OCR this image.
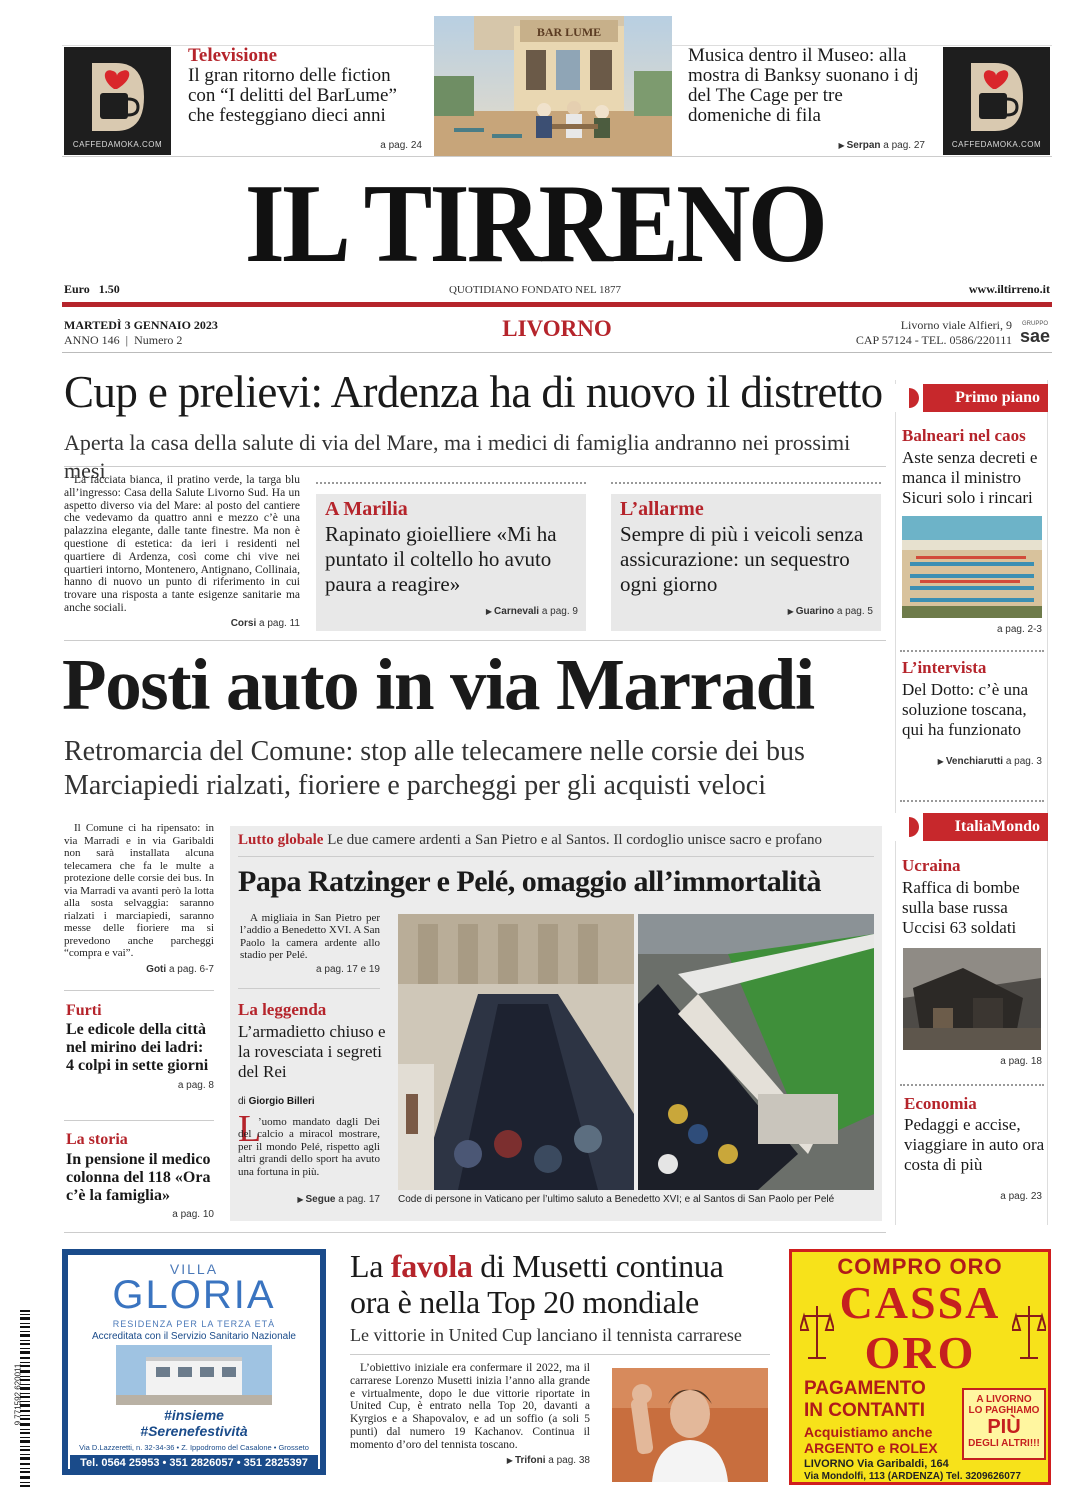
CAFFEDAMOKA.COM
Televisione
Il gran ritorno delle fiction con “I delitti del BarLume” che festeggiano dieci anni
a pag. 24
BAR LUME
Musica dentro il Museo: alla mostra di Banksy suonano i dj del The Cage per tre domeniche di fila
▶ Serpan a pag. 27	CAFFEDAMOKA.COM
IL TIRRENO
Euro 1.50	QUOTIDIANO FONDATO NEL 1877	www.iltirreno.it
MARTEDÌ 3 GENNAIO 2023
ANNO 146  |  Numero 2	LIVORNO	Livorno viale Alfieri, 9
CAP 57124 - TEL. 0586/220111
GRUPPO
sae
Cup e prelievi: Ardenza ha di nuovo il distretto
Aperta la casa della salute di via del Mare, ma i medici di famiglia andranno nei prossimi mesi
La facciata bianca, il pratino verde, la targa blu all’ingresso: Casa della Salute Livorno Sud. Ha un aspetto diverso via del Mare: al posto del cantiere che vedevamo da quattro anni e mezzo c’è una palazzina elegante, dalle tante finestre. Ma non è questione di estetica: da ieri i residenti nel quartiere di Ardenza, così come chi vive nei quartieri intorno, Montenero, Antignano, Collinaia, hanno di nuovo un punto di riferimento in cui trovare una risposta a tante esigenze sanitarie ma anche sociali.
Corsi a pag. 11
A Marilia
Rapinato gioielliere «Mi ha puntato il coltello ho avuto paura a reagire»
▶ Carnevali a pag. 9
L’allarme
Sempre di più i veicoli senza assicurazione: un sequestro ogni giorno
▶ Guarino a pag. 5
Posti auto in via Marradi
Retromarcia del Comune: stop alle telecamere nelle corsie dei bus
Marciapiedi rialzati, fioriere e parcheggi per gli acquisti veloci
Il Comune ci ha ripensato: in via Marradi e in via Garibaldi non sarà installata alcuna telecamera che fa le multe a protezione delle corsie dei bus. In via Marradi va avanti però la lotta alla sosta selvaggia: saranno rialzati i marciapiedi, saranno messe delle fioriere ma si prevedono anche parcheggi “compra e vai”.
Goti a pag. 6-7
Furti
Le edicole della città nel mirino dei ladri: 4 colpi in sette giorni
a pag. 8
La storia
In pensione il medico colonna del 118 «Ora c’è la famiglia»
a pag. 10
Lutto globale Le due camere ardenti a San Pietro e al Santos. Il cordoglio unisce sacro e profano
Papa Ratzinger e Pelé, omaggio all’immortalità
A migliaia in San Pietro per l’addio a Benedetto XVI. A San Paolo la camera ardente allo stadio per Pelé.
a pag. 17 e 19
La leggenda
L’armadietto chiuso e la rovesciata i segreti del Rei
di Giorgio Billeri
L
’uomo mandato dagli Dei del calcio a miracol mostrare, per il mondo Pelé, rispetto agli altri grandi dello sport ha avuto una fortuna in più.
▶ Segue a pag. 17 Code di persone in Vaticano per l’ultimo saluto a Benedetto XVI; e al Santos di San Paolo per Pelé
Primo piano
Balneari nel caos
Aste senza decreti e manca il ministro Sicuri solo i rincari
a pag. 2-3
L’intervista
Del Dotto: c’è una soluzione toscana, qui ha funzionato
▶ Venchiarutti a pag. 3
ItaliaMondo
Ucraina
Raffica di bombe sulla base russa Uccisi 63 soldati
a pag. 18
Economia
Pedaggi e accise, viaggiare in auto ora costa di più
a pag. 23
9 771592 620011
VILLA
GLORIA
RESIDENZA PER LA TERZA ETÀ
Accreditata con il Servizio Sanitario Nazionale
#insieme
#Serenefestività
Via D.Lazzeretti, n. 32-34-36 • Z. Ippodromo del Casalone • Grosseto
Tel. 0564 25953 • 351 2826057 • 351 2825397
La favola di Musetti continua ora è nella Top 20 mondiale
Le vittorie in United Cup lanciano il tennista carrarese
L’obiettivo iniziale era confermare il 2022, ma il carrarese Lorenzo Musetti inizia l’anno alla grande e virtualmente, dopo le due vittorie riportate in United Cup, è entrato nella Top 20, davanti a Kyrgios e a Shapovalov, e ad un soffio (a soli 5 punti) dal numero 19 Kachanov. Continua il momento d’oro del tennista toscano.
▶ Trifoni a pag. 38
COMPRO ORO
CASSA
ORO
PAGAMENTO
IN CONTANTI
Acquistiamo anche
ARGENTO e ROLEX
A LIVORNO
LO PAGHIAMO
PIÙ
DEGLI ALTRI!!!
LIVORNO Via Garibaldi, 164
Via Mondolfi, 113 (ARDENZA) Tel. 3209626077
